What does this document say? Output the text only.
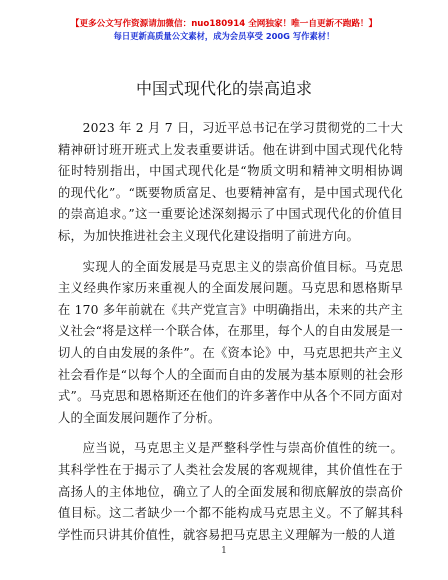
【更多公文写作资源请加微信：nuo180914 全网独家！唯一自更新不跑路！】
每日更新高质量公文素材，成为会员享受 200G 写作素材！
中国式现代化的崇高追求

2023 年 2 月 7 日，习近平总书记在学习贯彻党的二十大精神研讨班开班式上发表重要讲话。他在讲到中国式现代化特征时特别指出，中国式现代化是“物质文明和精神文明相协调的现代化”。“既要物质富足、也要精神富有，是中国式现代化的崇高追求。”这一重要论述深刻揭示了中国式现代化的价值目标，为加快推进社会主义现代化建设指明了前进方向。

实现人的全面发展是马克思主义的崇高价值目标。马克思主义经典作家历来重视人的全面发展问题。马克思和恩格斯早在 170 多年前就在《共产党宣言》中明确指出，未来的共产主义社会“将是这样一个联合体，在那里，每个人的自由发展是一切人的自由发展的条件”。在《资本论》中，马克思把共产主义社会看作是“以每个人的全面而自由的发展为基本原则的社会形式”。马克思和恩格斯还在他们的许多著作中从各个不同方面对人的全面发展问题作了分析。

应当说，马克思主义是严整科学性与崇高价值性的统一。其科学性在于揭示了人类社会发展的客观规律，其价值性在于高扬人的主体地位，确立了人的全面发展和彻底解放的崇高价值目标。这二者缺少一个都不能构成马克思主义。不了解其科学性而只讲其价值性，就容易把马克思主义理解为一般的人道

1
